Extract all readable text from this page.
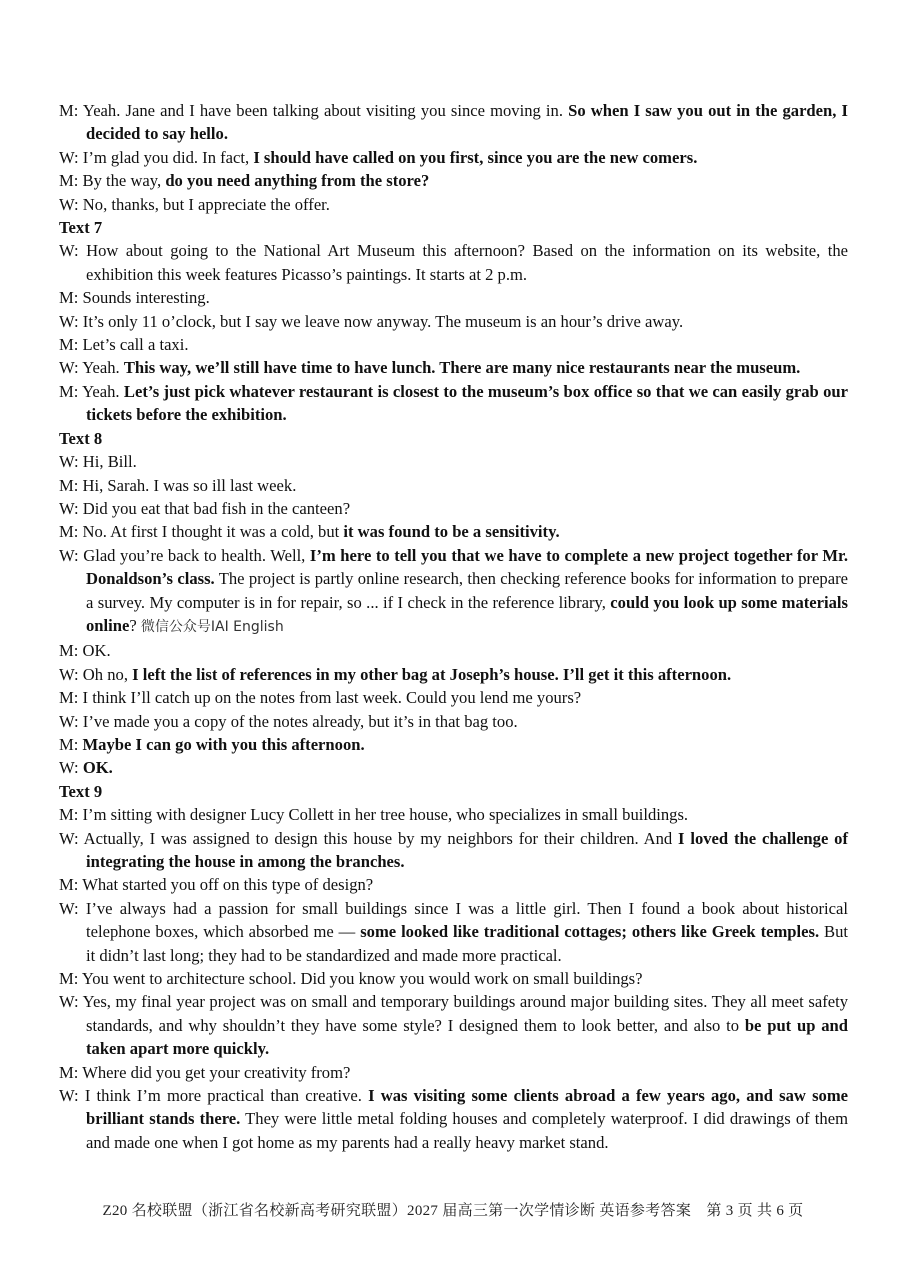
M: Yeah. Jane and I have been talking about visiting you since moving in. So when I saw you out in the garden, I decided to say hello.
W: I’m glad you did. In fact, I should have called on you first, since you are the new comers.
M: By the way, do you need anything from the store?
W: No, thanks, but I appreciate the offer.
Text 7
W: How about going to the National Art Museum this afternoon? Based on the information on its website, the exhibition this week features Picasso’s paintings. It starts at 2 p.m.
M: Sounds interesting.
W: It’s only 11 o’clock, but I say we leave now anyway. The museum is an hour’s drive away.
M: Let’s call a taxi.
W: Yeah. This way, we’ll still have time to have lunch. There are many nice restaurants near the museum.
M: Yeah. Let’s just pick whatever restaurant is closest to the museum’s box office so that we can easily grab our tickets before the exhibition.
Text 8
W: Hi, Bill.
M: Hi, Sarah. I was so ill last week.
W: Did you eat that bad fish in the canteen?
M: No. At first I thought it was a cold, but it was found to be a sensitivity.
W: Glad you’re back to health. Well, I’m here to tell you that we have to complete a new project together for Mr. Donaldson’s class. The project is partly online research, then checking reference books for information to prepare a survey. My computer is in for repair, so ... if I check in the reference library, could you look up some materials online? 微信公众号IAI English
M: OK.
W: Oh no, I left the list of references in my other bag at Joseph’s house. I’ll get it this afternoon.
M: I think I’ll catch up on the notes from last week. Could you lend me yours?
W: I’ve made you a copy of the notes already, but it’s in that bag too.
M: Maybe I can go with you this afternoon.
W: OK.
Text 9
M: I’m sitting with designer Lucy Collett in her tree house, who specializes in small buildings.
W: Actually, I was assigned to design this house by my neighbors for their children. And I loved the challenge of integrating the house in among the branches.
M: What started you off on this type of design?
W: I’ve always had a passion for small buildings since I was a little girl. Then I found a book about historical telephone boxes, which absorbed me — some looked like traditional cottages; others like Greek temples. But it didn’t last long; they had to be standardized and made more practical.
M: You went to architecture school. Did you know you would work on small buildings?
W: Yes, my final year project was on small and temporary buildings around major building sites. They all meet safety standards, and why shouldn’t they have some style? I designed them to look better, and also to be put up and taken apart more quickly.
M: Where did you get your creativity from?
W: I think I’m more practical than creative. I was visiting some clients abroad a few years ago, and saw some brilliant stands there. They were little metal folding houses and completely waterproof. I did drawings of them and made one when I got home as my parents had a really heavy market stand.
Z20 名校联盟（浙江省名校新高考研究联盟）2027 届高三第一次学情诊断 英语参考答案　第 3 页 共 6 页
